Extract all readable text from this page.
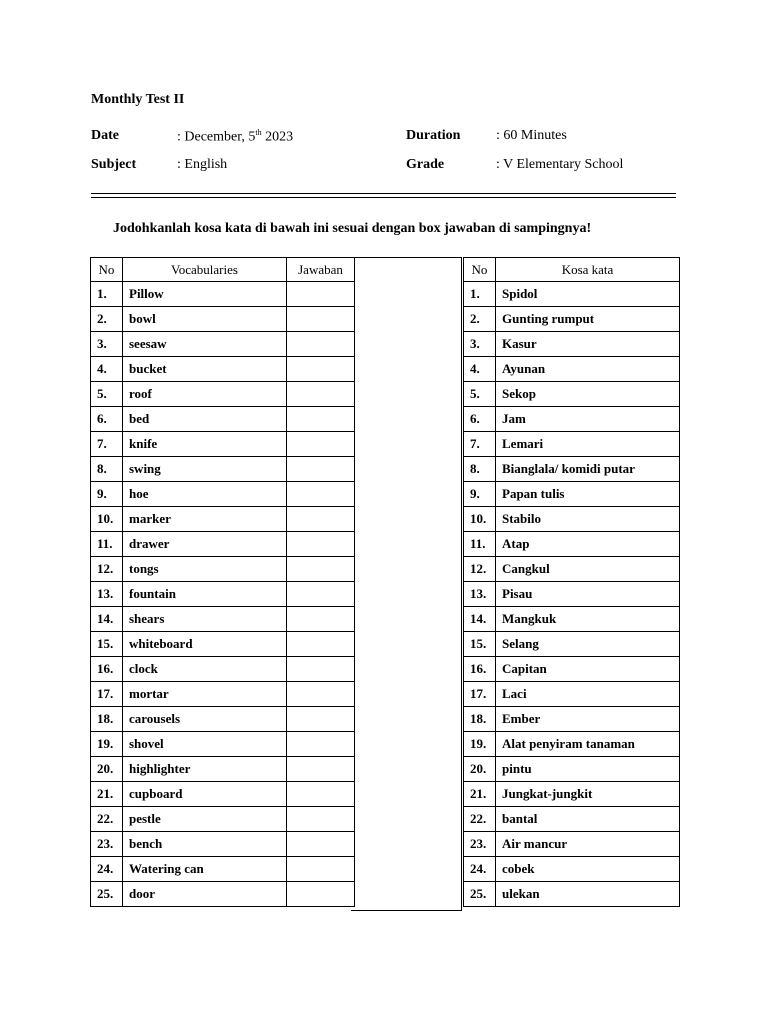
Monthly Test II
Date	: December, 5th 2023	Duration	: 60 Minutes
Subject	: English	Grade	: V Elementary School
Jodohkanlah kosa kata di bawah ini sesuai dengan box jawaban di sampingnya!
No	Vocabularies	Jawaban
1.	Pillow	
2.	bowl	
3.	seesaw	
4.	bucket	
5.	roof	
6.	bed	
7.	knife	
8.	swing	
9.	hoe	
10.	marker	
11.	drawer	
12.	tongs	
13.	fountain	
14.	shears	
15.	whiteboard	
16.	clock	
17.	mortar	
18.	carousels	
19.	shovel	
20.	highlighter	
21.	cupboard	
22.	pestle	
23.	bench	
24.	Watering can	
25.	door	
No	Kosa kata
1.	Spidol
2.	Gunting rumput
3.	Kasur
4.	Ayunan
5.	Sekop
6.	Jam
7.	Lemari
8.	Bianglala/ komidi putar
9.	Papan tulis
10.	Stabilo
11.	Atap
12.	Cangkul
13.	Pisau
14.	Mangkuk
15.	Selang
16.	Capitan
17.	Laci
18.	Ember
19.	Alat penyiram tanaman
20.	pintu
21.	Jungkat-jungkit
22.	bantal
23.	Air mancur
24.	cobek
25.	ulekan
